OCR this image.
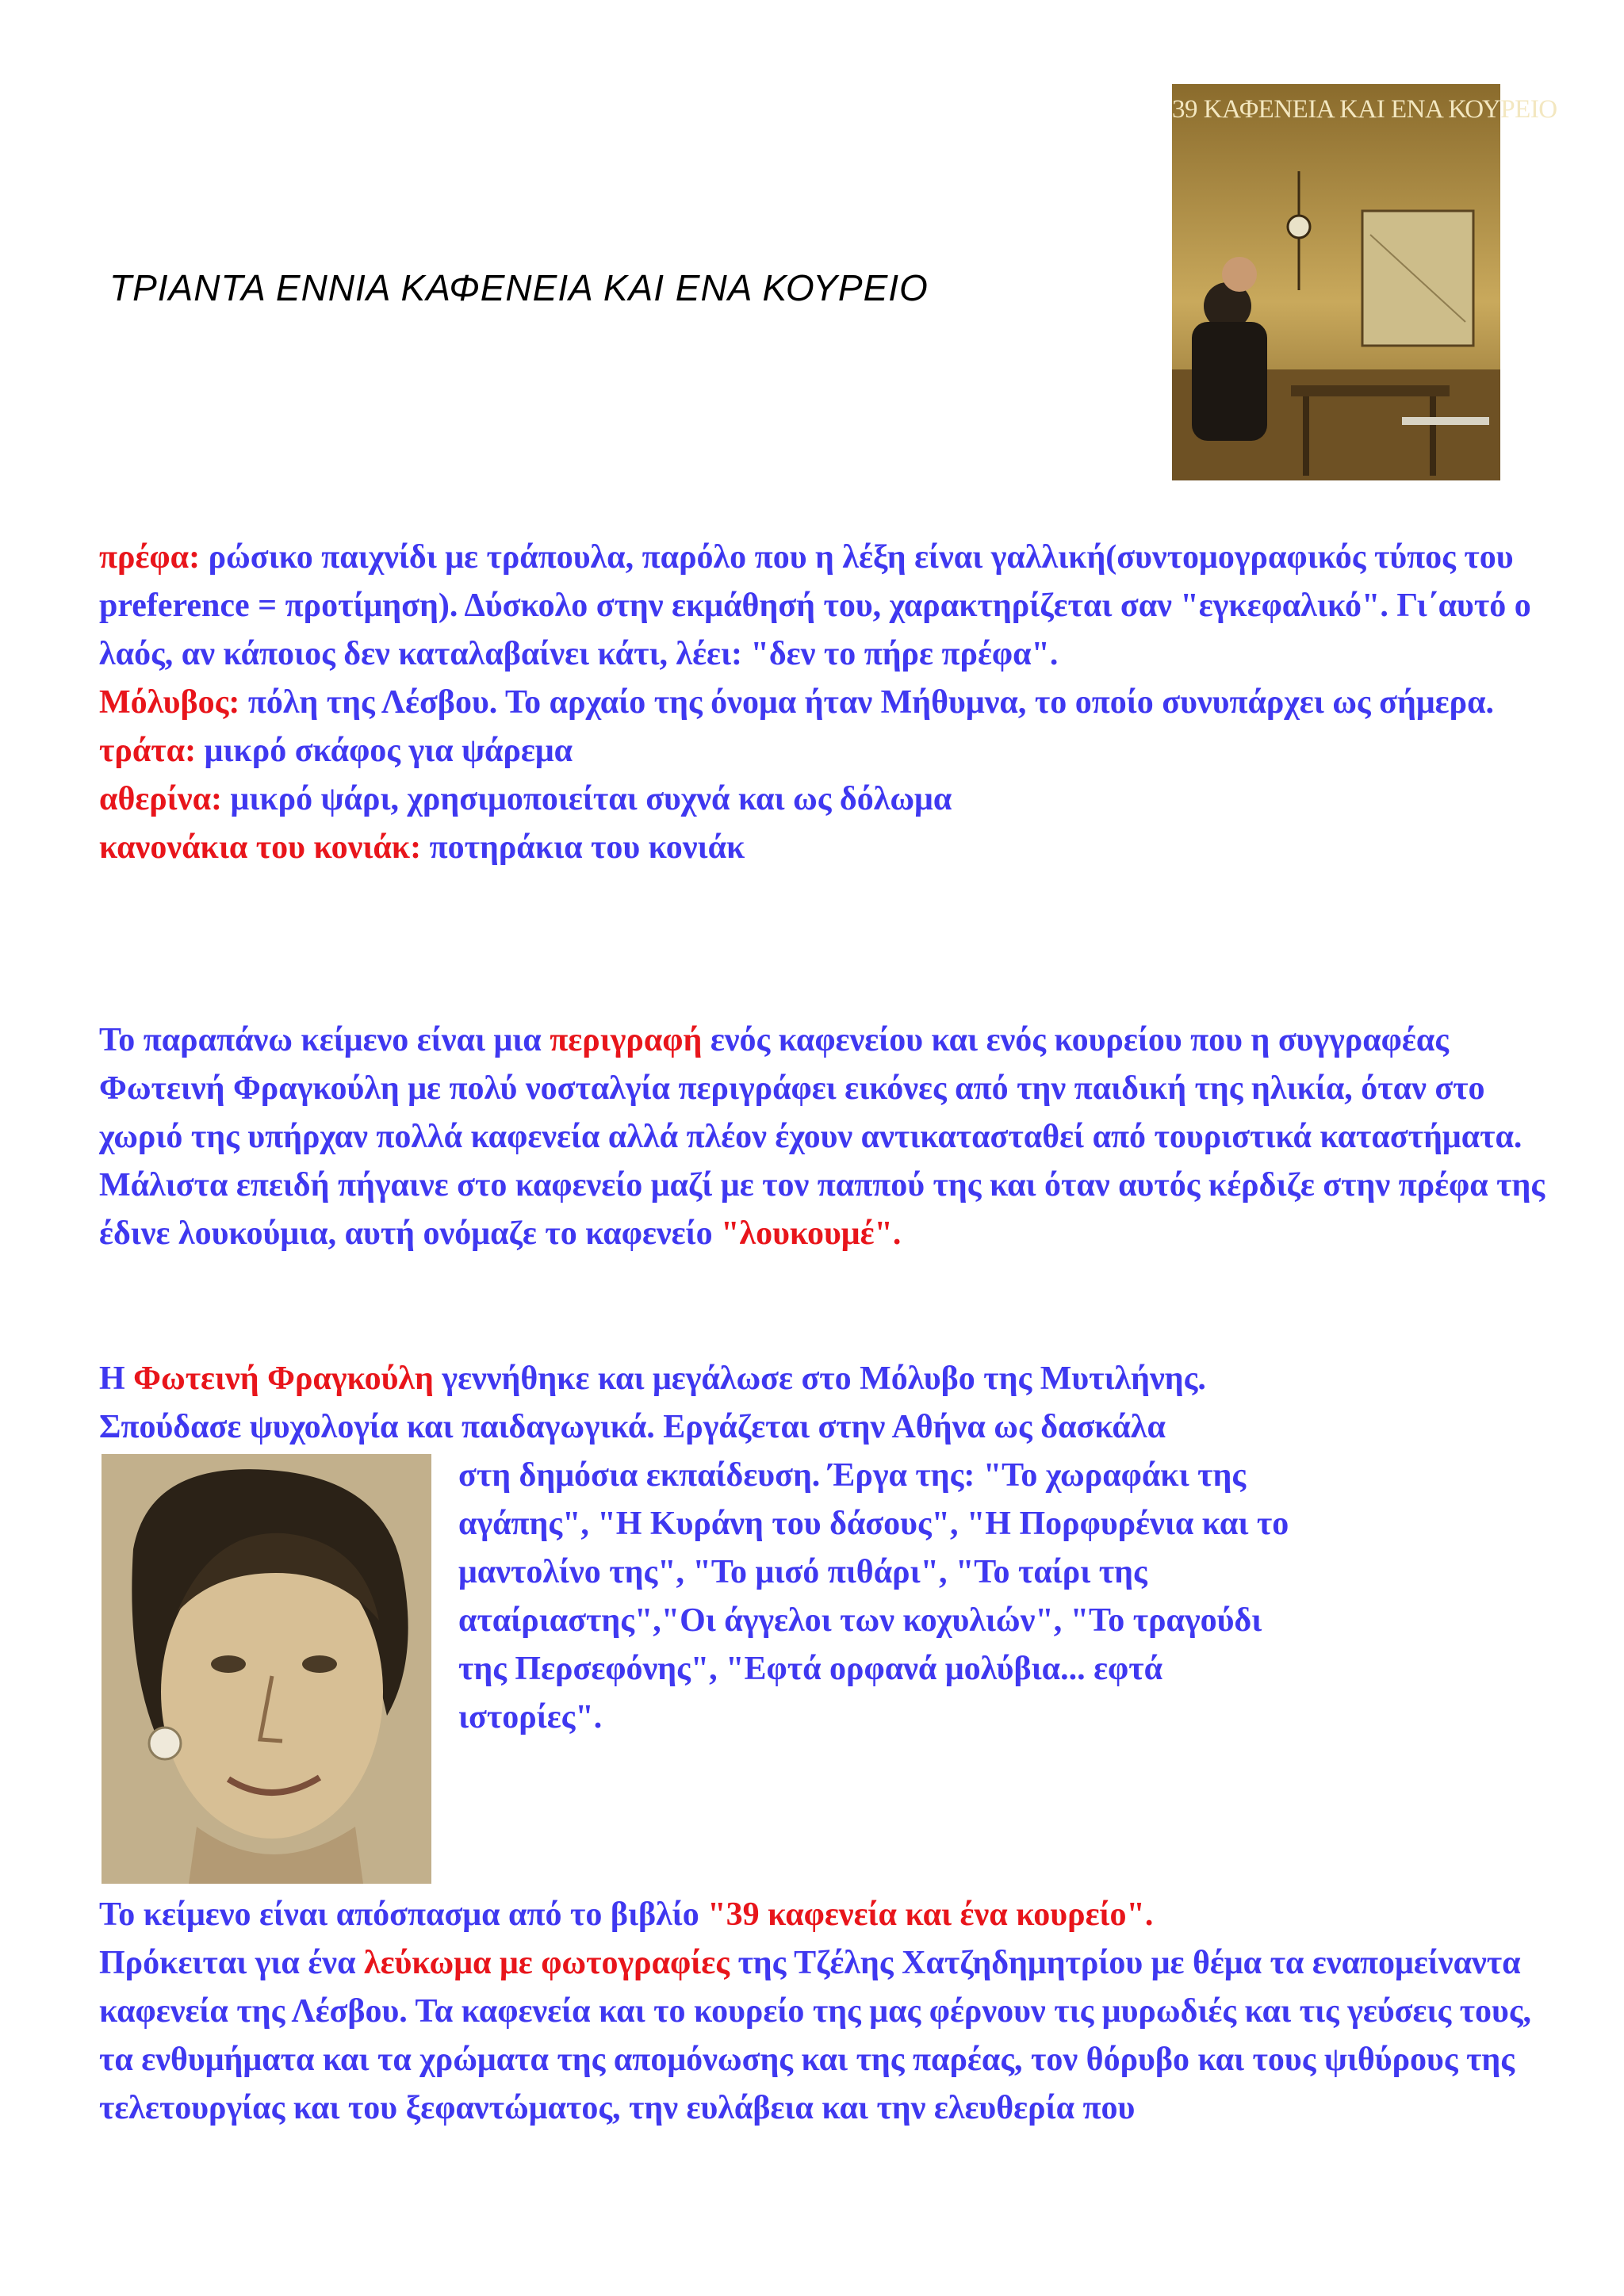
ΤΡΙΑΝΤΑ ΕΝΝΙΑ ΚΑΦΕΝΕΙΑ ΚΑΙ ΕΝΑ ΚΟΥΡΕΙΟ
39 ΚΑΦΕΝΕΙΑ ΚΑΙ ΕΝΑ ΚΟΥΡΕΙΟ
πρέφα: ρώσικο παιχνίδι με τράπουλα, παρόλο που η λέξη είναι γαλλική(συντομογραφικός τύπος του preference = προτίμηση). Δύσκολο στην εκμάθησή του, χαρακτηρίζεται σαν "εγκεφαλικό". Γι΄αυτό ο λαός, αν κάποιος δεν καταλαβαίνει κάτι, λέει: "δεν το πήρε πρέφα".
Μόλυβος: πόλη της Λέσβου. Το αρχαίο της όνομα ήταν Μήθυμνα, το οποίο συνυπάρχει ως σήμερα.
τράτα: μικρό σκάφος για ψάρεμα
αθερίνα: μικρό ψάρι, χρησιμοποιείται συχνά και ως δόλωμα
κανονάκια του κονιάκ: ποτηράκια του κονιάκ
Το παραπάνω κείμενο είναι μια περιγραφή ενός καφενείου και ενός κουρείου που η συγγραφέας Φωτεινή Φραγκούλη με πολύ νοσταλγία περιγράφει εικόνες από την παιδική της ηλικία, όταν στο χωριό της υπήρχαν πολλά καφενεία αλλά πλέον έχουν αντικατασταθεί από τουριστικά καταστήματα.
Μάλιστα επειδή πήγαινε στο καφενείο μαζί με τον παππού της και όταν αυτός κέρδιζε στην πρέφα της έδινε λουκούμια, αυτή ονόμαζε το καφενείο "λουκουμέ".
Η Φωτεινή Φραγκούλη γεννήθηκε και μεγάλωσε στο Μόλυβο της Μυτιλήνης.
Σπούδασε ψυχολογία και παιδαγωγικά. Εργάζεται στην Αθήνα ως δασκάλα
στη δημόσια εκπαίδευση. Έργα της: "Το χωραφάκι της
αγάπης", "Η Κυράνη του δάσους", "Η Πορφυρένια και το
μαντολίνο της", "Το μισό πιθάρι", "Το ταίρι της
αταίριαστης","Οι άγγελοι των κοχυλιών", "Το τραγούδι
της Περσεφόνης", "Εφτά ορφανά μολύβια... εφτά
ιστορίες".
Το κείμενο είναι απόσπασμα από το βιβλίο "39 καφενεία και ένα κουρείο".
Πρόκειται για ένα λεύκωμα με φωτογραφίες της Τζέλης Χατζηδημητρίου με θέμα τα εναπομείναντα καφενεία της Λέσβου. Τα καφενεία και το κουρείο της μας φέρνουν τις μυρωδιές και τις γεύσεις τους, τα ενθυμήματα και τα χρώματα της απομόνωσης και της παρέας, τον θόρυβο και τους ψιθύρους της τελετουργίας και του ξεφαντώματος, την ευλάβεια και την ελευθερία που
